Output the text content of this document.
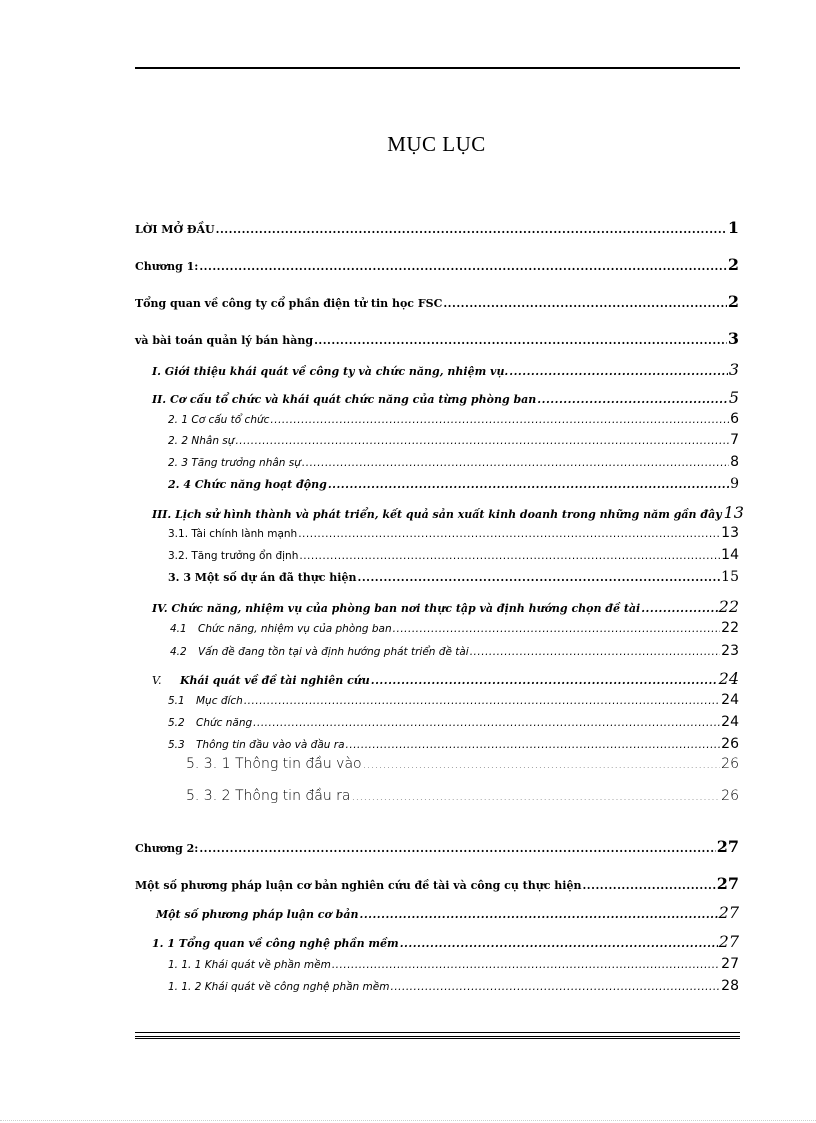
MỤC LỤC
LỜI MỞ ĐẦU .....	1
Chương 1: .....	2
Tổng quan về công ty cổ phần điện tử tin học FSC .....	2
và bài toán quản lý bán hàng .....	3
I. Giới thiệu khái quát về công ty và chức năng, nhiệm vụ. .....	3
II. Cơ cấu tổ chức và khái quát chức năng của từng phòng ban .....	5
2. 1 Cơ cấu tổ chức .....	6
2. 2 Nhân sự .....	7
2. 3 Tăng trưởng nhân sự .....	8
2. 4 Chức năng hoạt động .....	9
III. Lịch sử hình thành và phát triển, kết quả sản xuất kinh doanh trong những năm gần đây 13
3.1. Tài chính lành mạnh .....	13
3.2. Tăng trưởng ổn định .....	14
3. 3 Một số dự án đã thực hiện .....	15
IV. Chức năng, nhiệm vụ của phòng ban nơi thực tập và định hướng chọn đề tài .....	22
4.1	Chức năng, nhiệm vụ của phòng ban .....	22
4.2	Vấn đề đang tồn tại và định hướng phát triển đề tài .....	23
V.	Khái quát về đề tài nghiên cứu .....	24
5.1	Mục đích .....	24
5.2	Chức năng .....	24
5.3	Thông tin đầu vào và đầu ra .....	26
5. 3. 1 Thông tin đầu vào .....	26
5. 3. 2 Thông tin đầu ra .....	26
Chương 2: .....	27
Một số phương pháp luận cơ bản nghiên cứu đề tài và công cụ thực hiện .....	27
Một số phương pháp luận cơ bản .....	27
1. 1 Tổng quan về công nghệ phần mềm .....	27
1. 1. 1 Khái quát về phần mềm .....	27
1. 1. 2 Khái quát về công nghệ phần mềm .....	28
